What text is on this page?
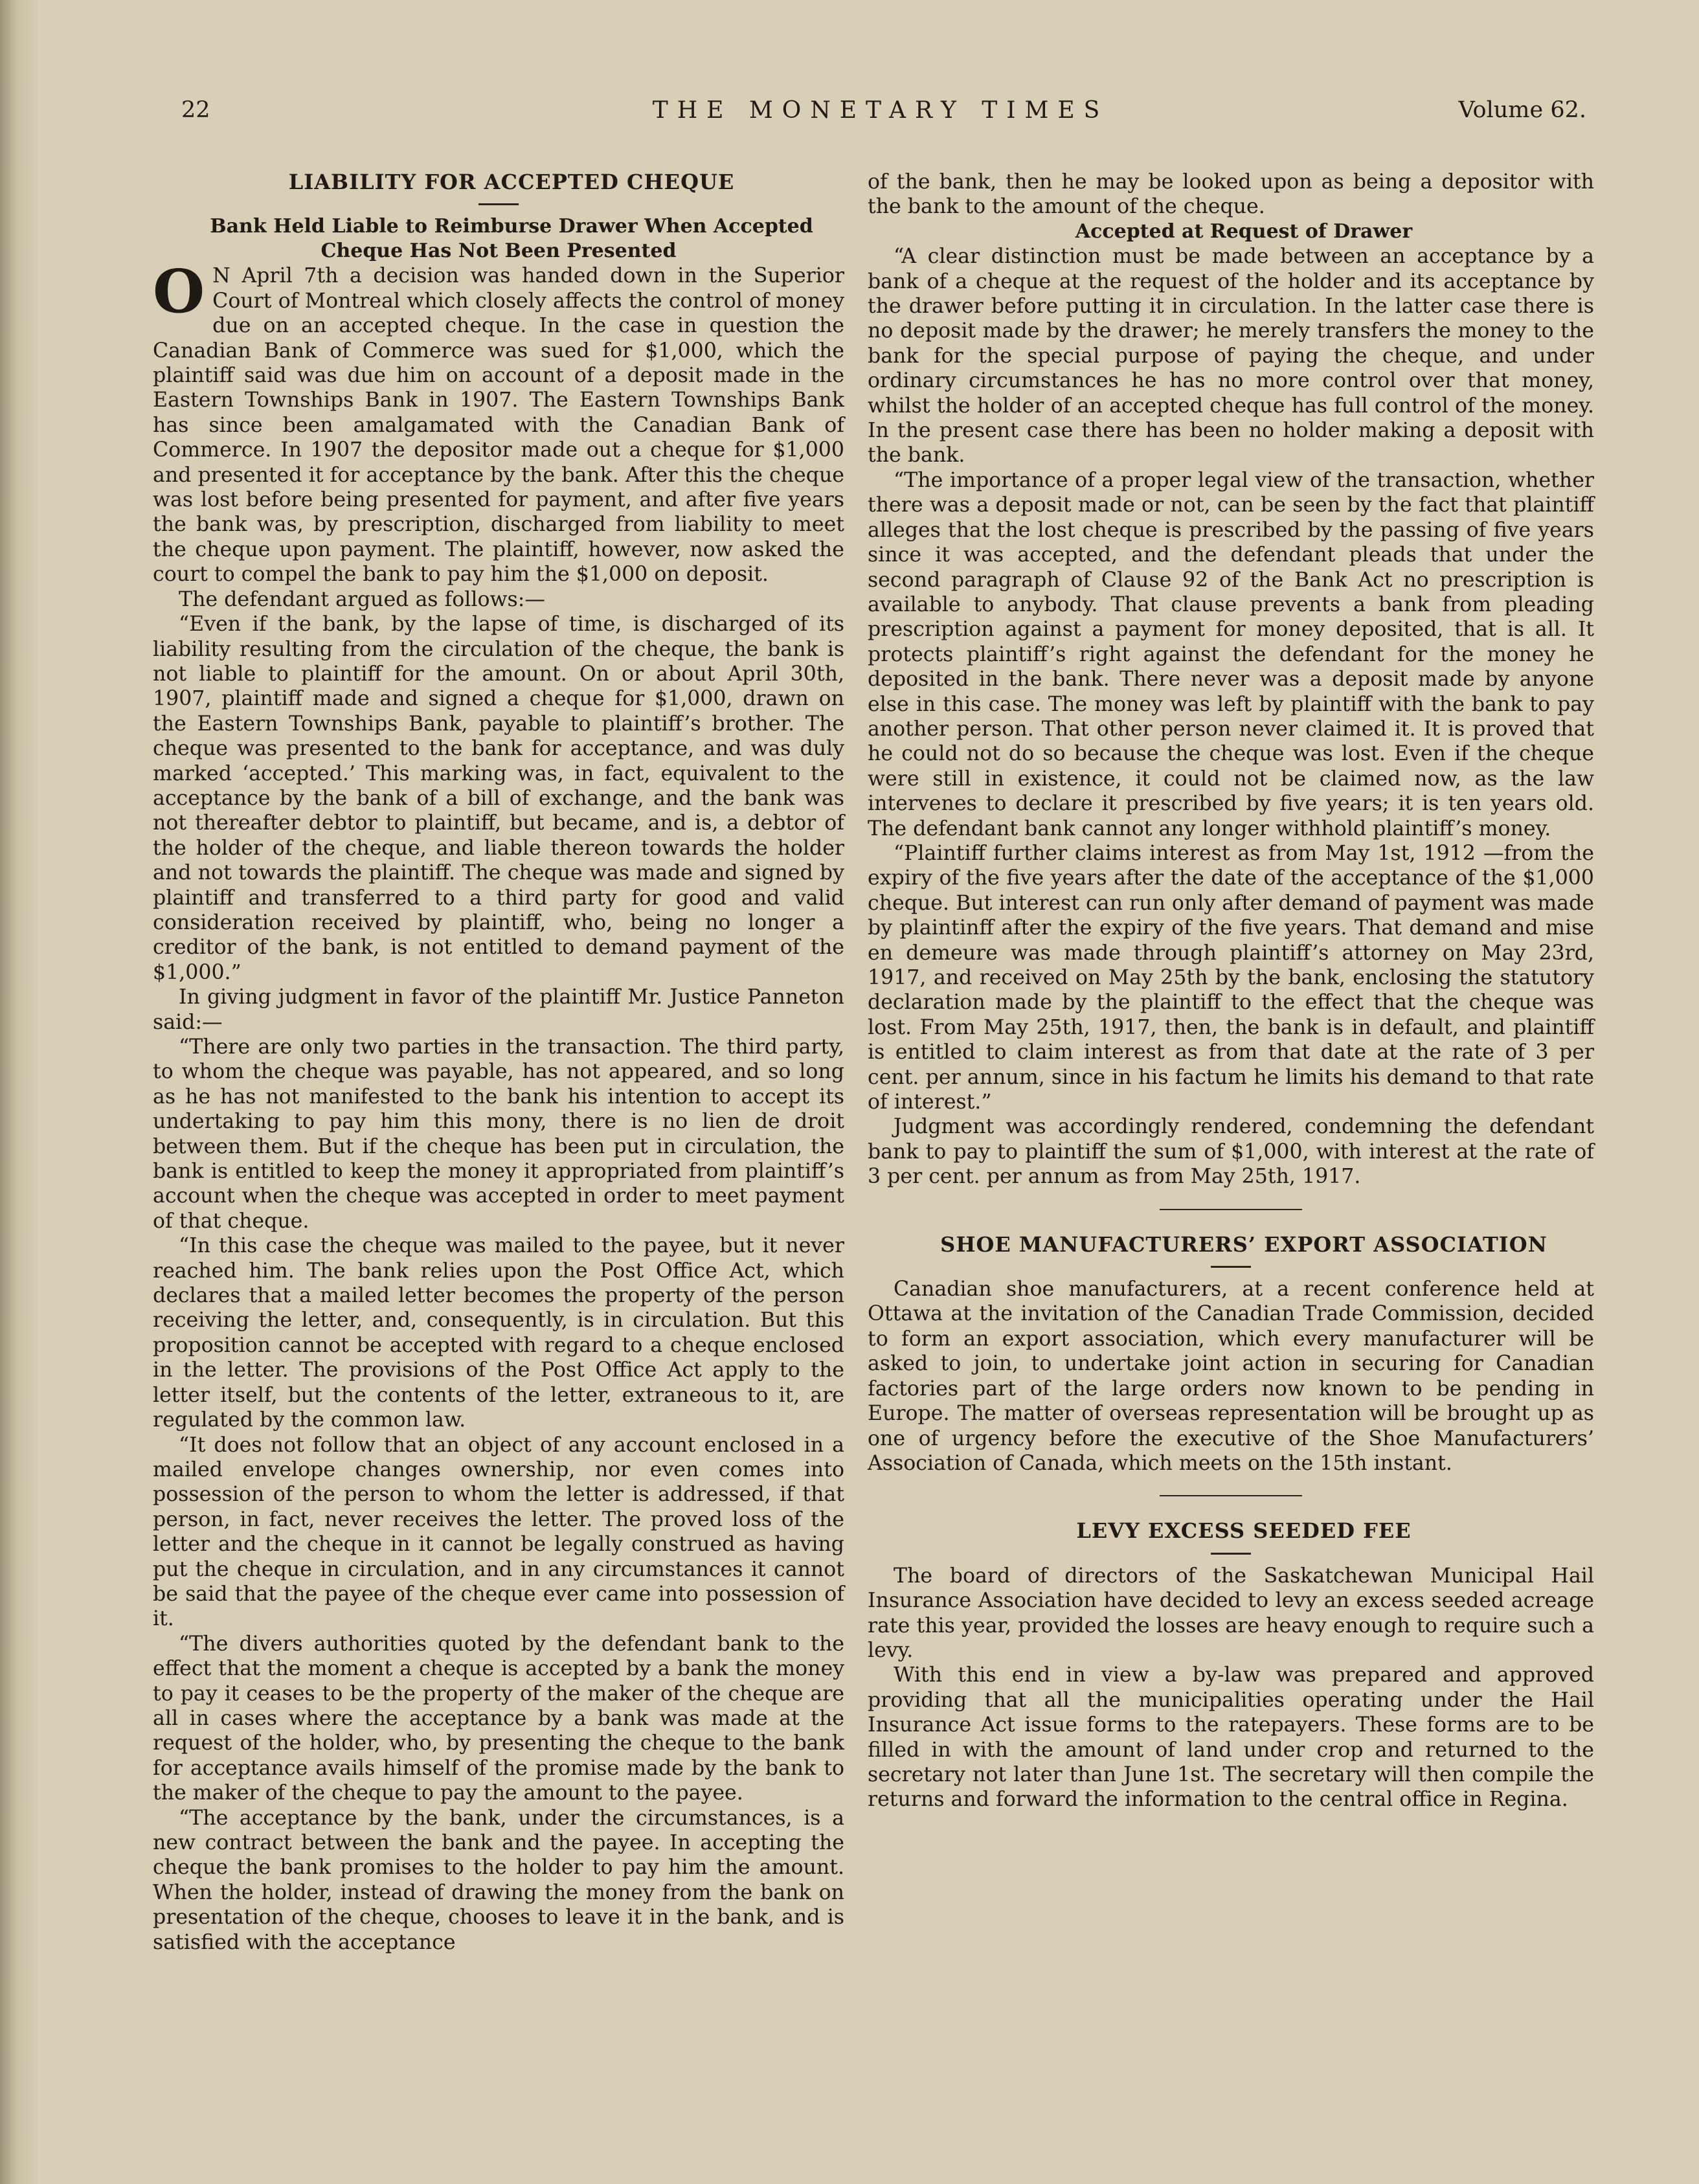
22	THE MONETARY TIMES	Volume 62.

LIABILITY FOR ACCEPTED CHEQUE

Bank Held Liable to Reimburse Drawer When Accepted Cheque Has Not Been Presented

O N April 7th a decision was handed down in the Superior Court of Montreal which closely affects the control of money due on an accepted cheque. In the case in question the Canadian Bank of Commerce was sued for $1,000, which the plaintiff said was due him on account of a deposit made in the Eastern Townships Bank in 1907. The Eastern Townships Bank has since been amalgamated with the Canadian Bank of Commerce. In 1907 the depositor made out a cheque for $1,000 and presented it for acceptance by the bank. After this the cheque was lost before being presented for payment, and after five years the bank was, by prescription, discharged from liability to meet the cheque upon payment. The plaintiff, however, now asked the court to compel the bank to pay him the $1,000 on deposit.

The defendant argued as follows:—

“Even if the bank, by the lapse of time, is discharged of its liability resulting from the circulation of the cheque, the bank is not liable to plaintiff for the amount. On or about April 30th, 1907, plaintiff made and signed a cheque for $1,000, drawn on the Eastern Townships Bank, payable to plaintiff’s brother. The cheque was presented to the bank for acceptance, and was duly marked ‘accepted.’ This marking was, in fact, equivalent to the acceptance by the bank of a bill of exchange, and the bank was not thereafter debtor to plaintiff, but became, and is, a debtor of the holder of the cheque, and liable thereon towards the holder and not towards the plaintiff. The cheque was made and signed by plaintiff and transferred to a third party for good and valid consideration received by plaintiff, who, being no longer a creditor of the bank, is not entitled to demand payment of the $1,000.”

In giving judgment in favor of the plaintiff Mr. Justice Panneton said:—

“There are only two parties in the transaction. The third party, to whom the cheque was payable, has not appeared, and so long as he has not manifested to the bank his intention to accept its undertaking to pay him this mony, there is no lien de droit between them. But if the cheque has been put in circulation, the bank is entitled to keep the money it appropriated from plaintiff’s account when the cheque was accepted in order to meet payment of that cheque.

“In this case the cheque was mailed to the payee, but it never reached him. The bank relies upon the Post Office Act, which declares that a mailed letter becomes the property of the person receiving the letter, and, consequently, is in circulation. But this proposition cannot be accepted with regard to a cheque enclosed in the letter. The provisions of the Post Office Act apply to the letter itself, but the contents of the letter, extraneous to it, are regulated by the common law.

“It does not follow that an object of any account enclosed in a mailed envelope changes ownership, nor even comes into possession of the person to whom the letter is addressed, if that person, in fact, never receives the letter. The proved loss of the letter and the cheque in it cannot be legally construed as having put the cheque in circulation, and in any circumstances it cannot be said that the payee of the cheque ever came into possession of it.

“The divers authorities quoted by the defendant bank to the effect that the moment a cheque is accepted by a bank the money to pay it ceases to be the property of the maker of the cheque are all in cases where the acceptance by a bank was made at the request of the holder, who, by presenting the cheque to the bank for acceptance avails himself of the promise made by the bank to the maker of the cheque to pay the amount to the payee.

“The acceptance by the bank, under the circumstances, is a new contract between the bank and the payee. In accepting the cheque the bank promises to the holder to pay him the amount. When the holder, instead of drawing the money from the bank on presentation of the cheque, chooses to leave it in the bank, and is satisfied with the acceptance

of the bank, then he may be looked upon as being a depositor with the bank to the amount of the cheque.

Accepted at Request of Drawer

“A clear distinction must be made between an acceptance by a bank of a cheque at the request of the holder and its acceptance by the drawer before putting it in circulation. In the latter case there is no deposit made by the drawer; he merely transfers the money to the bank for the special purpose of paying the cheque, and under ordinary circumstances he has no more control over that money, whilst the holder of an accepted cheque has full control of the money. In the present case there has been no holder making a deposit with the bank.

“The importance of a proper legal view of the transaction, whether there was a deposit made or not, can be seen by the fact that plaintiff alleges that the lost cheque is prescribed by the passing of five years since it was accepted, and the defendant pleads that under the second paragraph of Clause 92 of the Bank Act no prescription is available to anybody. That clause prevents a bank from pleading prescription against a payment for money deposited, that is all. It protects plaintiff’s right against the defendant for the money he deposited in the bank. There never was a deposit made by anyone else in this case. The money was left by plaintiff with the bank to pay another person. That other person never claimed it. It is proved that he could not do so because the cheque was lost. Even if the cheque were still in existence, it could not be claimed now, as the law intervenes to declare it prescribed by five years; it is ten years old. The defendant bank cannot any longer withhold plaintiff’s money.

“Plaintiff further claims interest as from May 1st, 1912 —from the expiry of the five years after the date of the acceptance of the $1,000 cheque. But interest can run only after demand of payment was made by plaintinff after the expiry of the five years. That demand and mise en demeure was made through plaintiff’s attorney on May 23rd, 1917, and received on May 25th by the bank, enclosing the statutory declaration made by the plaintiff to the effect that the cheque was lost. From May 25th, 1917, then, the bank is in default, and plaintiff is entitled to claim interest as from that date at the rate of 3 per cent. per annum, since in his factum he limits his demand to that rate of interest.”

Judgment was accordingly rendered, condemning the defendant bank to pay to plaintiff the sum of $1,000, with interest at the rate of 3 per cent. per annum as from May 25th, 1917.

SHOE MANUFACTURERS’ EXPORT ASSOCIATION

Canadian shoe manufacturers, at a recent conference held at Ottawa at the invitation of the Canadian Trade Commission, decided to form an export association, which every manufacturer will be asked to join, to undertake joint action in securing for Canadian factories part of the large orders now known to be pending in Europe. The matter of overseas representation will be brought up as one of urgency before the executive of the Shoe Manufacturers’ Association of Canada, which meets on the 15th instant.

LEVY EXCESS SEEDED FEE

The board of directors of the Saskatchewan Municipal Hail Insurance Association have decided to levy an excess seeded acreage rate this year, provided the losses are heavy enough to require such a levy.

With this end in view a by-law was prepared and approved providing that all the municipalities operating under the Hail Insurance Act issue forms to the ratepayers. These forms are to be filled in with the amount of land under crop and returned to the secretary not later than June 1st. The secretary will then compile the returns and forward the information to the central office in Regina.
